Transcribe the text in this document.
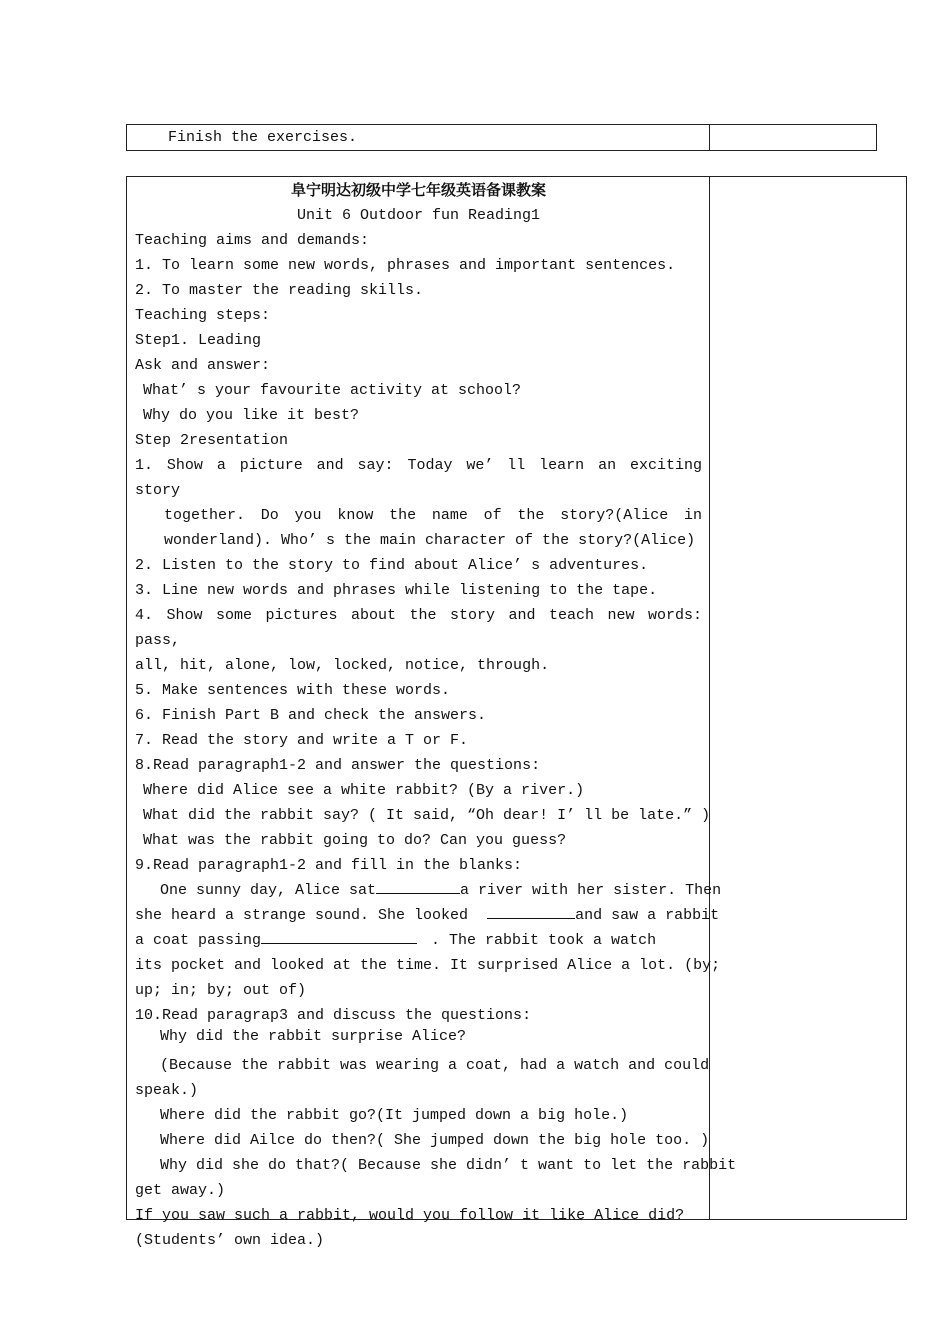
Finish the exercises.
阜宁明达初级中学七年级英语备课教案
Unit 6 Outdoor fun Reading1
Teaching aims and demands:
1. To learn some new words, phrases and important sentences.
2. To master the reading skills.
Teaching steps:
Step1. Leading
Ask and answer:
What’ s your favourite activity at school?
Why do you like it best?
Step 2resentation
1. Show a picture and say: Today we’ ll learn an exciting story
together. Do you know the name of the story?(Alice in
wonderland). Who’ s the main character of the story?(Alice)
2. Listen to the story to find about Alice’ s adventures.
3. Line new words and phrases while listening to the tape.
4. Show some pictures about the story and teach new words: pass,
all, hit, alone, low, locked, notice, through.
5. Make sentences with these words.
6. Finish Part B and check the answers.
7. Read the story and write a T or F.
8.Read paragraph1-2 and answer the questions:
Where did Alice see a white rabbit? (By a river.)
What did the rabbit say? ( It said, “Oh dear! I’ ll be late.” )
What was the rabbit going to do? Can you guess?
9.Read paragraph1-2 and fill in the blanks:
One sunny day, Alice sat	a river with her sister. Then
she heard a strange sound. She looked	and saw a rabbit
a coat passing	. The rabbit took a watch
its pocket and looked at the time. It surprised Alice a lot. (by;
up; in; by; out of)
10.Read paragrap3 and discuss the questions:
Why did the rabbit surprise Alice?
(Because the rabbit was wearing a coat, had a watch and could
speak.)
Where did the rabbit go?(It jumped down a big hole.)
Where did Ailce do then?( She jumped down the big hole too. )
Why did she do that?( Because she didn’ t want to let the rabbit
get away.)
If you saw such a rabbit, would you follow it like Alice did?
(Students’ own idea.)
